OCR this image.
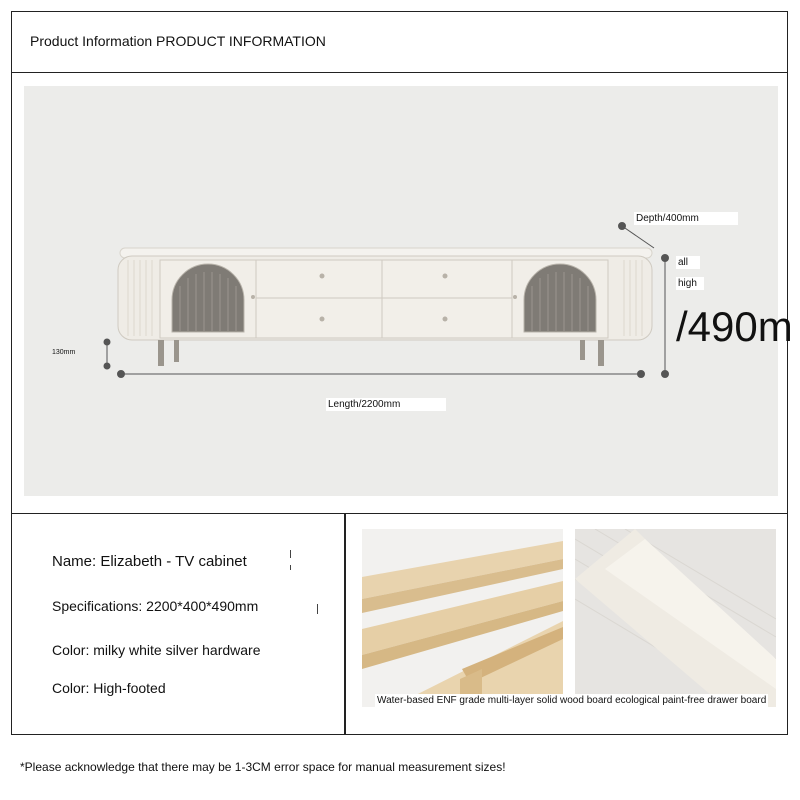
Product Information PRODUCT INFORMATION
Depth/400mm
all
high
/490m
Length/2200mm
130mm
Name: Elizabeth - TV cabinet
Specifications: 2200*400*490mm
Color: milky white silver hardware
Color: High-footed
Water-based ENF grade multi-layer solid wood board ecological paint-free drawer board
*Please acknowledge that there may be 1-3CM error space for manual measurement sizes!
